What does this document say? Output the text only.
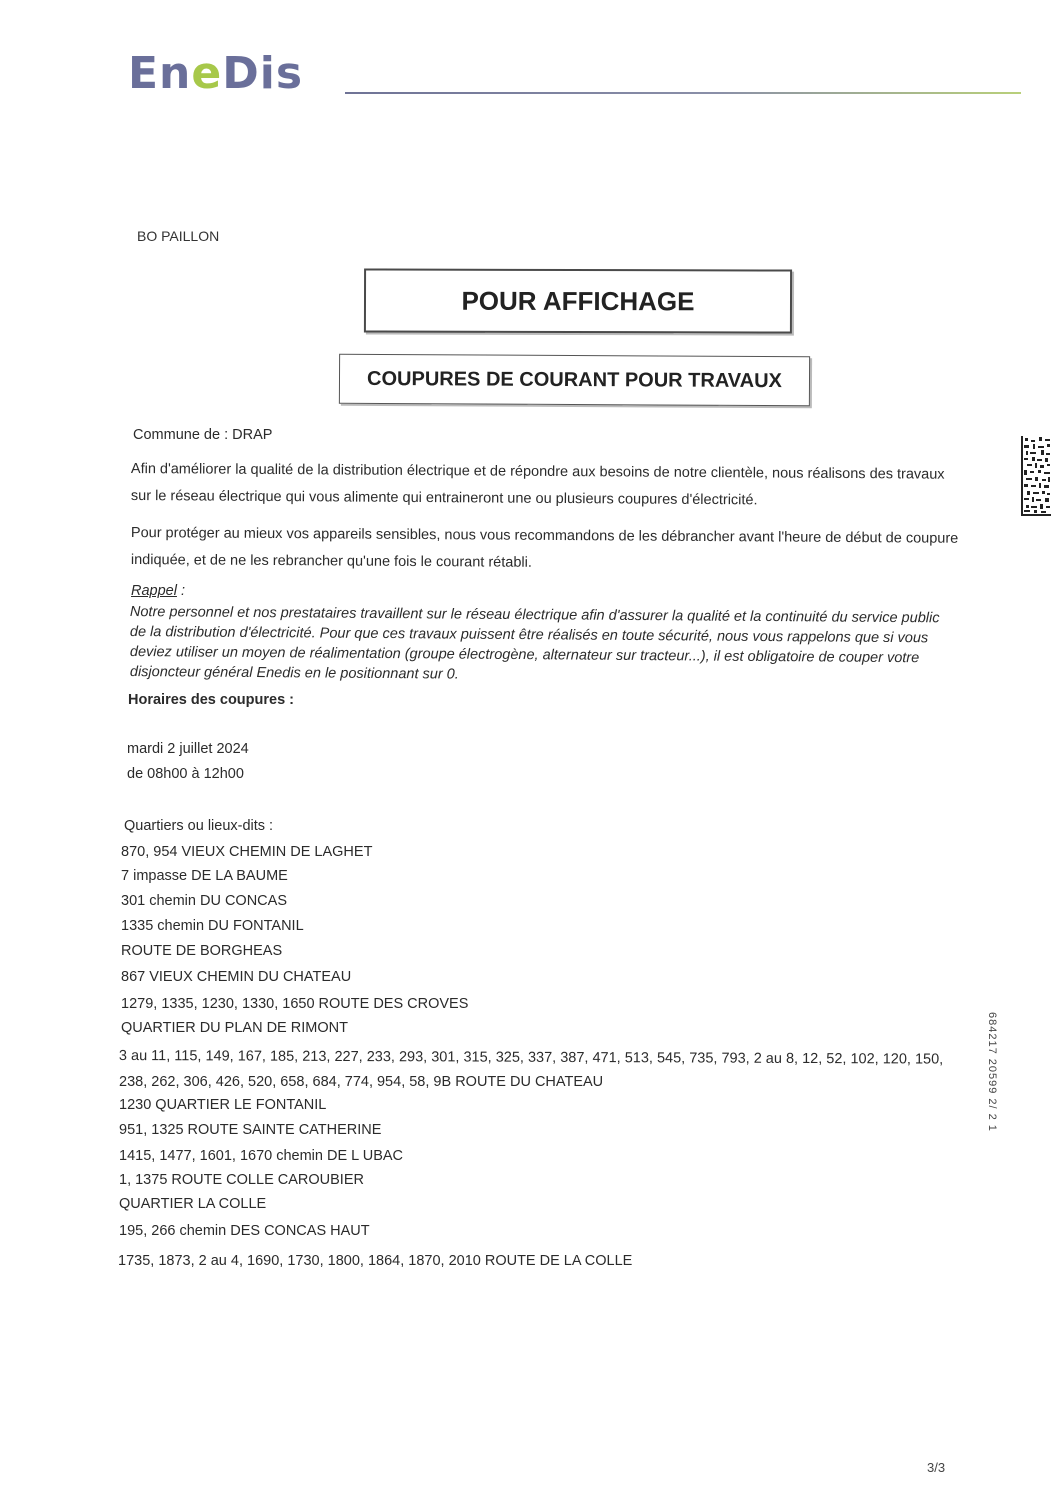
EneDis
BO PAILLON
POUR AFFICHAGE
COUPURES DE COURANT POUR TRAVAUX
Commune de : DRAP
Afin d'améliorer la qualité de la distribution électrique et de répondre aux besoins de notre clientèle, nous réalisons des travaux
sur le réseau électrique qui vous alimente qui entraineront une ou plusieurs coupures d'électricité.
Pour protéger au mieux vos appareils sensibles, nous vous recommandons de les débrancher avant l'heure de début de coupure
indiquée, et de ne les rebrancher qu'une fois le courant rétabli.
Rappel :
Notre personnel et nos prestataires travaillent sur le réseau électrique afin d'assurer la qualité et la continuité du service public
de la distribution d'électricité. Pour que ces travaux puissent être réalisés en toute sécurité, nous vous rappelons que si vous
deviez utiliser un moyen de réalimentation (groupe électrogène, alternateur sur tracteur...), il est obligatoire de couper votre
disjoncteur général Enedis en le positionnant sur 0.
Horaires des coupures :
mardi 2 juillet 2024
de 08h00 à 12h00
Quartiers ou lieux-dits :
870, 954 VIEUX CHEMIN DE LAGHET
7 impasse DE LA BAUME
301 chemin DU CONCAS
1335 chemin DU FONTANIL
ROUTE DE BORGHEAS
867 VIEUX CHEMIN DU CHATEAU
1279, 1335, 1230, 1330, 1650 ROUTE DES CROVES
QUARTIER DU PLAN DE RIMONT
3 au 11, 115, 149, 167, 185, 213, 227, 233, 293, 301, 315, 325, 337, 387, 471, 513, 545, 735, 793, 2 au 8, 12, 52, 102, 120, 150,
238, 262, 306, 426, 520, 658, 684, 774, 954, 58, 9B ROUTE DU CHATEAU
1230 QUARTIER LE FONTANIL
951, 1325 ROUTE SAINTE CATHERINE
1415, 1477, 1601, 1670 chemin DE L UBAC
1, 1375 ROUTE COLLE CAROUBIER
QUARTIER LA COLLE
195, 266 chemin DES CONCAS HAUT
1735, 1873, 2 au 4, 1690, 1730, 1800, 1864, 1870, 2010 ROUTE DE LA COLLE
684217 20599 2/ 2 1
3/3
